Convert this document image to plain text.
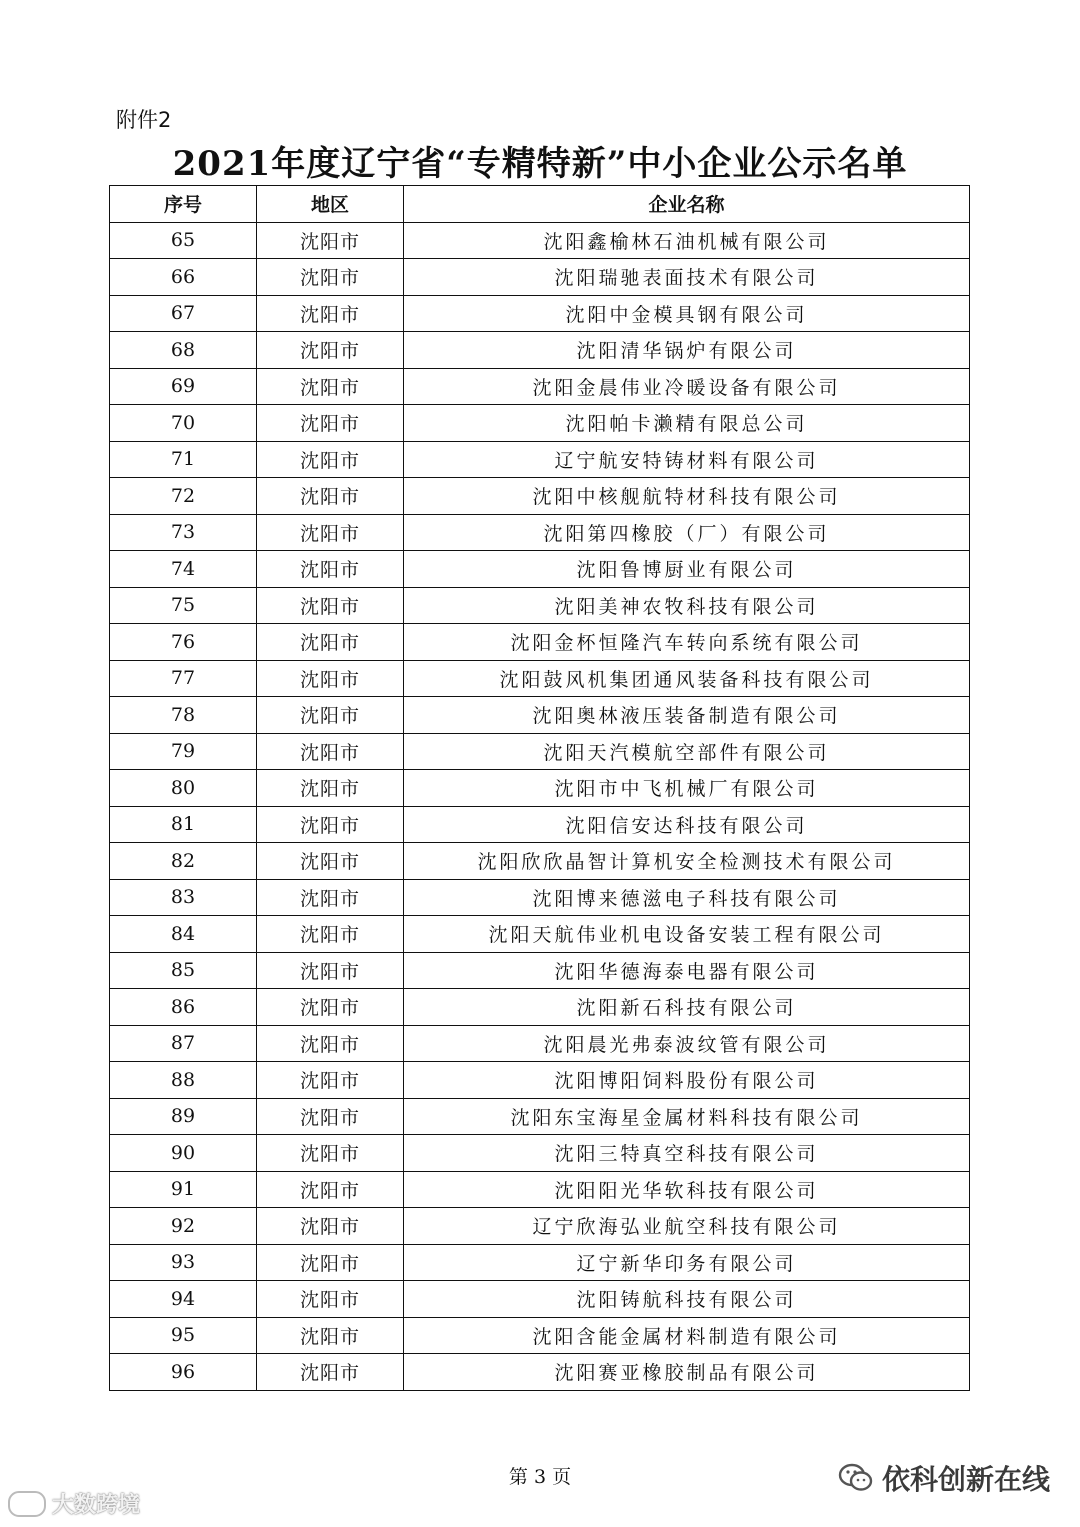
附件2
2021年度辽宁省“专精特新”中小企业公示名单
序号	地区	企业名称
65	沈阳市	沈阳鑫榆林石油机械有限公司
66	沈阳市	沈阳瑞驰表面技术有限公司
67	沈阳市	沈阳中金模具钢有限公司
68	沈阳市	沈阳清华锅炉有限公司
69	沈阳市	沈阳金晨伟业冷暖设备有限公司
70	沈阳市	沈阳帕卡濑精有限总公司
71	沈阳市	辽宁航安特铸材料有限公司
72	沈阳市	沈阳中核舰航特材科技有限公司
73	沈阳市	沈阳第四橡胶（厂）有限公司
74	沈阳市	沈阳鲁博厨业有限公司
75	沈阳市	沈阳美神农牧科技有限公司
76	沈阳市	沈阳金杯恒隆汽车转向系统有限公司
77	沈阳市	沈阳鼓风机集团通风装备科技有限公司
78	沈阳市	沈阳奥林液压装备制造有限公司
79	沈阳市	沈阳天汽模航空部件有限公司
80	沈阳市	沈阳市中飞机械厂有限公司
81	沈阳市	沈阳信安达科技有限公司
82	沈阳市	沈阳欣欣晶智计算机安全检测技术有限公司
83	沈阳市	沈阳博来德滋电子科技有限公司
84	沈阳市	沈阳天航伟业机电设备安装工程有限公司
85	沈阳市	沈阳华德海泰电器有限公司
86	沈阳市	沈阳新石科技有限公司
87	沈阳市	沈阳晨光弗泰波纹管有限公司
88	沈阳市	沈阳博阳饲料股份有限公司
89	沈阳市	沈阳东宝海星金属材料科技有限公司
90	沈阳市	沈阳三特真空科技有限公司
91	沈阳市	沈阳阳光华软科技有限公司
92	沈阳市	辽宁欣海弘业航空科技有限公司
93	沈阳市	辽宁新华印务有限公司
94	沈阳市	沈阳铸航科技有限公司
95	沈阳市	沈阳含能金属材料制造有限公司
96	沈阳市	沈阳赛亚橡胶制品有限公司
第 3 页
大数跨境
依科创新在线
